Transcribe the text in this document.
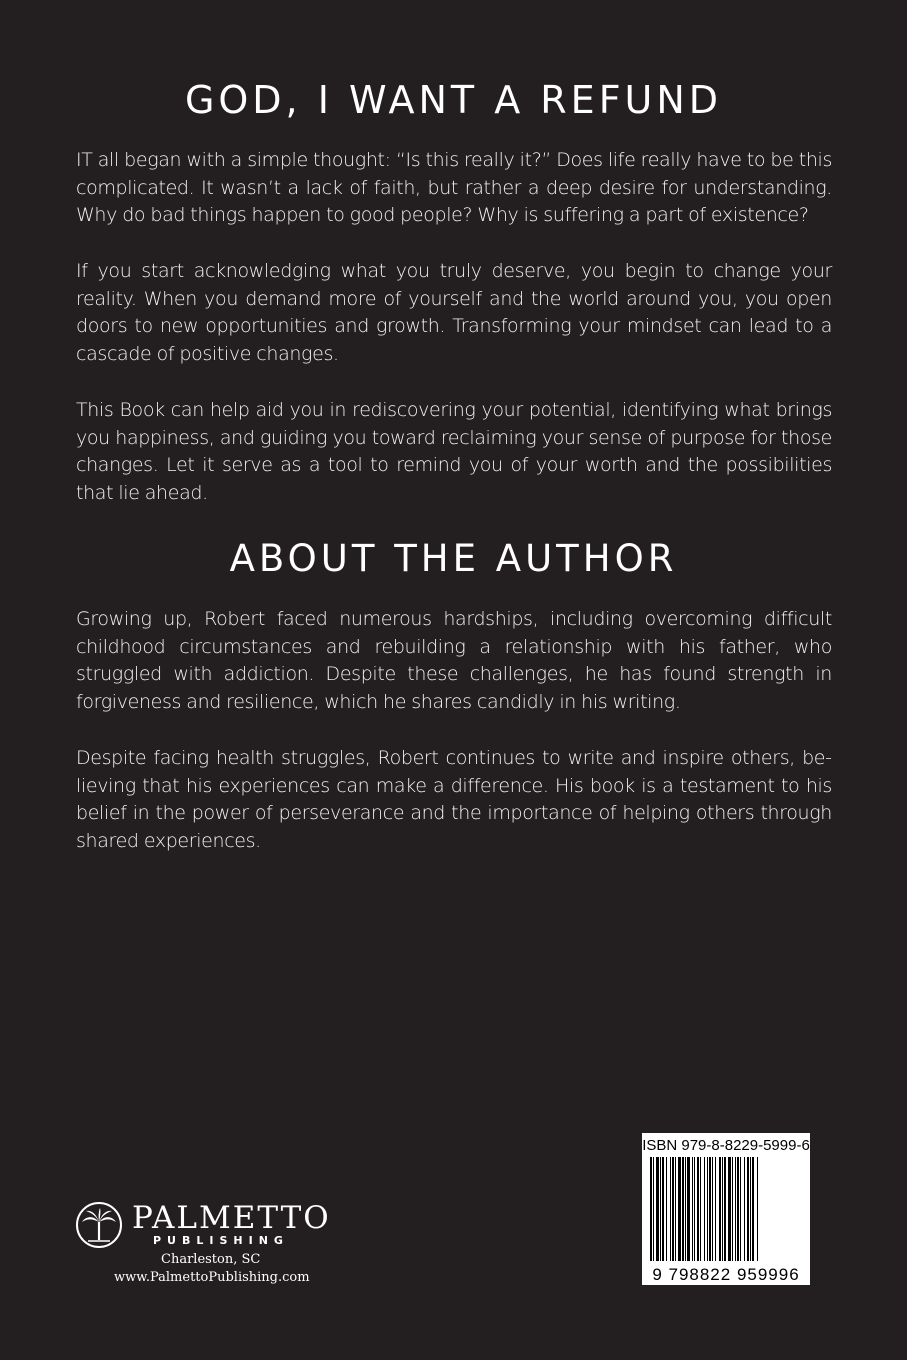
GOD, I WANT A REFUND

IT all began with a simple thought: “Is this really it?” Does life really have to be this complicated. It wasn’t a lack of faith, but rather a deep desire for understanding. Why do bad things happen to good people? Why is suffering a part of existence?

If you start acknowledging what you truly deserve, you begin to change your reality. When you demand more of yourself and the world around you, you open doors to new opportunities and growth. Transforming your mindset can lead to a cascade of positive changes.

This Book can help aid you in rediscovering your potential, identifying what brings you happiness, and guiding you toward reclaiming your sense of purpose for those changes. Let it serve as a tool to remind you of your worth and the possibilities that lie ahead.

ABOUT THE AUTHOR

Growing up, Robert faced numerous hardships, including overcoming difficult childhood circumstances and rebuilding a relationship with his father, who struggled with addiction. Despite these challenges, he has found strength in forgiveness and resilience, which he shares candidly in his writing.

Despite facing health struggles, Robert continues to write and inspire others, believing that his experiences can make a difference. His book is a testament to his belief in the power of perseverance and the importance of helping others through shared experiences.

PALMETTO
PUBLISHING
Charleston, SC
www.PalmettoPublishing.com
ISBN 979-8-8229-5999-6
9 798822 959996
